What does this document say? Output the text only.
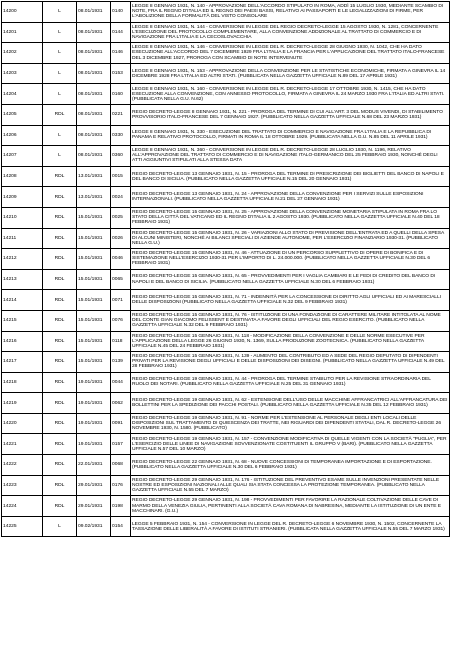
14200	L	08.01/1931	0140	LEGGE 8 GENNAIO 1931, N. 140 - APPROVAZIONE DELL'ACCORDO STIPULATO IN ROMA, ADDÌ 15 LUGLIO 1930, MEDIANTE SCAMBIO DI NOTE, FRA IL REGNO D'ITALIA ED IL REGNO DEI PAESI BASSI, RELATIVO AI PASSAPORTI E LE LEGALIZZAZIONI DI FIRME, PER L'ABOLIZIONE DELLA FORMALITÀ DEL VISTO CONSOLARE
14201	L	08.01/1931	0144	LEGGE 8 GENNAIO 1931, N. 144 - CONVERSIONE IN LEGGE DEL REGIO DECRETO-LEGGE 15 AGOSTO 1930, N. 1281, CONCERNENTE L'ESECUZIONE DEL PROTOCOLLO COMPLEMENTARE, ALLA CONVENZIONE ADDIZIONALE AL TRATTATO DI COMMERCIO E DI NAVIGAZIONE FRA L'ITALIA E LA CECOSLOVACCHIA
14202	L	08.01/1931	0146	LEGGE 8 GENNAIO 1931, N. 146 - CONVERSIONE IN LEGGE DEL R. DECRETO-LEGGE 28 GIUGNO 1930, N. 1042, CHE HA DATO ESECUZIONE ALL'ACCORDO DEL 7 DICEMBRE 1929 FRA L'ITALIA E LA FRANCIA PER L'APPLICAZIONE DEL TRATTATO ITALO-FRANCESE DEL 3 DICEMBRE 1927, PROROGA CON SCAMBIO DI NOTE INTERVENUTE
14203	L	08.01/1931	0153	LEGGE 8 GENNAIO 1931, N. 153 - APPROVAZIONE DELLA CONVENZIONE PER LE STATISTICHE ECONOMICHE, FIRMATA A GINEVRA IL 14 DICEMBRE 1928 FRA L'ITALIA ED ALTRI STATI. (PUBBLICATA NELLA GAZZETTA UFFICIALE N.89 DEL 17 APRILE 1931)
14204	L	08.01/1931	0160	LEGGE 8 GENNAIO 1931, N. 160 - CONVERSIONE IN LEGGE DEL R. DECRETO-LEGGE 17 OTTOBRE 1930, N. 1415, CHE HA DATO ESECUZIONE ALLA CONVENZIONE, CON ANNESSO PROTOCOLLO, FIRMATA A GINEVRA IL 24 MARZO 1930 FRA L'ITALIA ED ALTRI STATI. (PUBBLICATA NELLA G.U. N.62)
14205	RDL	08.01/1931	0221	REGIO DECRETO-LEGGE 8 GENNAIO 1931, N. 221 - PROROGA DEL TERMINE DI CUI ALL'ART. 3 DEL MODUS VIVENDI, DI STABILIMENTO PROVVISORIO ITALO-FRANCESE DEL 7 GENNAIO 1927. (PUBBLICATO NELLA GAZZETTA UFFICIALE N.68 DEL 23 MARZO 1931)
14206	L	08.01/1931	0330	LEGGE 8 GENNAIO 1931, N. 330 - ESECUZIONE DEL TRATTATO DI COMMERCIO E NAVIGAZIONE FRA L'ITALIA E LA REPUBBLICA DI PANAMA E RELATIVO PROTOCOLLO, FIRMATI IN ROMA IL 18 OTTOBRE 1929. (PUBBLICATA NELLA G.U. N.85 DEL 11 APRILE 1931)
14207	L	08.01/1931	0360	LEGGE 8 GENNAIO 1931, N. 360 - CONVERSIONE IN LEGGE DEL R. DECRETO-LEGGE 28 LUGLIO 1930, N. 1196, RELATIVO ALL'APPROVAZIONE DEL TRATTATO DI COMMERCIO E DI NAVIGAZIONE ITALO-GERMANICO DEL 25 FEBBRAIO 1930, NONCHÉ DEGLI ATTI AGGIUNTIVI STIPULATI ALLA STESSA DATA
14208	RDL	13.01/1931	0015	REGIO DECRETO-LEGGE 13 GENNAIO 1931, N. 15 - PROROGA DEL TERMINE DI PRESCRIZIONE DEI BIGLIETTI DEL BANCO DI NAPOLI E DEL BANCO DI SICILIA. (PUBBLICATO NELLA GAZZETTA UFFICIALE N.15 DEL 20 GENNAIO 1931)
14209	RDL	13.01/1931	0024	REGIO DECRETO-LEGGE 13 GENNAIO 1931, N. 24 - APPROVAZIONE DELLA CONVENZIONE PER I SERVIZI SULLE ESPOSIZIONI INTERNAZIONALI. (PUBBLICATO NELLA GAZZETTA UFFICIALE N.21 DEL 27 GENNAIO 1931)
14210	RDL	15.01/1931	0025	REGIO DECRETO-LEGGE 15 GENNAIO 1931, N. 25 - APPROVAZIONE DELLA CONVENZIONE MONETARIA STIPULATA IN ROMA FRA LO STATO DELLA CITTÀ DEL VATICANO ED IL REGNO D'ITALIA IL 2 AGOSTO 1930. (PUBBLICATO NELLA GAZZETTA UFFICIALE N.40 DEL 18 FEBBRAIO 1931)
14211	RDL	15.01/1931	0026	REGIO DECRETO-LEGGE 15 GENNAIO 1931, N. 26 - VARIAZIONI ALLO STATO DI PREVISIONE DELL'ENTRATA ED A QUELLI DELLA SPESA DI ALCUNI MINISTERI, NONCHÉ AI BILANCI SPECIALI DI AZIENDE AUTONOME, PER L'ESERCIZIO FINANZIARIO 1930-31. (PUBBLICATO NELLA G.U.)
14212	RDL	15.01/1931	0046	REGIO DECRETO-LEGGE 15 GENNAIO 1931, N. 46 - ATTUAZIONE DI UN PERCORSO SUPPLETTIVO DI OPERE DI BONIFICA E DI SISTEMAZIONE NELL'ESERCIZIO 1930-31 PER L'IMPORTO DI L. 24.000.000. (PUBBLICATO NELLA GAZZETTA UFFICIALE N.30 DEL 6 FEBBRAIO 1931)
14213	RDL	15.01/1931	0065	REGIO DECRETO-LEGGE 15 GENNAIO 1931, N. 65 - PROVVEDIMENTI PER I VAGLIA CAMBIARI E LE FEDI DI CREDITO DEL BANCO DI NAPOLI E DEL BANCO DI SICILIA. (PUBBLICATO NELLA GAZZETTA UFFICIALE N.30 DEL 6 FEBBRAIO 1931)
14214	RDL	15.01/1931	0071	REGIO DECRETO-LEGGE 15 GENNAIO 1931, N. 71 - INDENNITÀ PER LA CONCESSIONE DI DIRITTO AGLI UFFICIALI ED AI MARESCIALLI DELLE DISPOSIZIONI (PUBBLICATO NELLA GAZZETTA UFFICIALE N.32 DEL 9 FEBBRAIO 1931)
14215	RDL	15.01/1931	0076	REGIO DECRETO-LEGGE 15 GENNAIO 1931, N. 76 - ISTITUZIONE DI UNA FONDAZIONE DI CARATTERE MILITARE INTITOLATA AL NOME DEL CONTE GIAN GIACOMO FELISSENT E DESTINATA A FAVORE DEGLI UFFICIALI DEL REGIO ESERCITO. (PUBBLICATO NELLA GAZZETTA UFFICIALE N.32 DEL 9 FEBBRAIO 1931)
14216	RDL	15.01/1931	0118	REGIO DECRETO-LEGGE 15 GENNAIO 1931, N. 118 - MODIFICAZIONE DELLA CONVENZIONE E DELLE NORME ESECUTIVE PER L'APPLICAZIONE DELLA LEGGE 26 GIUGNO 1930, N. 1369, SULLA PRODUZIONE ZOOTECNICA. (PUBBLICATO NELLA GAZZETTA UFFICIALE N.45 DEL 24 FEBBRAIO 1931)
14217	RDL	15.01/1931	0139	REGIO DECRETO-LEGGE 15 GENNAIO 1931, N. 139 - AUMENTO DEL CONTRIBUTO ED A SEDE DEL REGIO DEPUTATO DI DIPENDENTI PRIVATI PER LA REVISIONE DEGLI UFFICIALI E DELLE DISPOSIZIONI DEI DISEGNI. (PUBBLICATO NELLA GAZZETTA UFFICIALE N.49 DEL 28 FEBBRAIO 1931)
14218	RDL	19.01/1931	0044	REGIO DECRETO-LEGGE 19 GENNAIO 1931, N. 44 - PROROGA DEL TERMINE STABILITO PER LA REVISIONE STRAORDINARIA DEL RUOLO DEI NOTARI. (PUBBLICATO NELLA GAZZETTA UFFICIALE N.25 DEL 31 GENNAIO 1931)
14219	RDL	19.01/1931	0062	REGIO DECRETO-LEGGE 19 GENNAIO 1931, N. 62 - ESTENSIONE DELL'USO DELLE MACCHINE AFFRANCATRICI ALL'AFFRANCATURA DEI BOLLETTINI PER LA SPEDIZIONE DEI PACCHI POSTALI. (PUBBLICATO NELLA GAZZETTA UFFICIALE N.35 DEL 12 FEBBRAIO 1931)
14220	RDL	19.01/1931	0091	REGIO DECRETO-LEGGE 19 GENNAIO 1931, N. 91 - NORME PER L'ESTENSIONE AL PERSONALE DEGLI ENTI LOCALI DELLE DISPOSIZIONI SUL TRATTAMENTO DI QUIESCENZA DEI TRATTE, NEI RIGUARDI DEI DIPENDENTI STATALI, DAL R. DECRETO-LEGGE 26 NOVEMBRE 1930, N. 1580. (PUBBLICATO)
14221	RDL	19.01/1931	0157	REGIO DECRETO-LEGGE 19 GENNAIO 1931, N. 157 - CONVENZIONE MODIFICATIVA DI QUELLE VIGENTI CON LA SOCIETÀ "PUGLIA", PER L'ESERCIZIO DELLE LINEE DI NAVIGAZIONE SOVVENZIONATE COSTITUENTI IL GRUPPO V (BARI). (PUBBLICATO NELLA GAZZETTA UFFICIALE N.57 DEL 10 MARZO)
14222	RDL	22.01/1931	0068	REGIO DECRETO-LEGGE 22 GENNAIO 1931, N. 68 - NUOVE CONCESSIONI DI TEMPORANEA IMPORTAZIONE E DI ESPORTAZIONE. (PUBBLICATO NELLA GAZZETTA UFFICIALE N.30 DEL 6 FEBBRAIO 1931)
14223	RDL	29.01/1931	0176	REGIO DECRETO-LEGGE 29 GENNAIO 1931, N. 176 - ISTITUZIONE DEL PREVENTIVO ESAME SULLE INVENZIONI PRESENTATE NELLE NOSTRE ED ESPOSIZIONI NAZIONALI ALLE QUALI SIA STATA CONCESSA LA PROTEZIONE TEMPORANEA. (PUBBLICATO NELLA GAZZETTA UFFICIALE N.55 DEL 7 MARZO)
14224	RDL	29.01/1931	0198	REGIO DECRETO-LEGGE 29 GENNAIO 1931, N. 198 - PROVVEDIMENTI PER FAVORIRE LA RAZIONALE COLTIVAZIONE DELLE CAVE DI MARMO DELLA VENEZIA GIULIA, PERTINENTI ALLA SOCIETÀ CAVA ROMANA DI NABRESINA, MEDIANTE LA ISTITUZIONE DI UN ENTE E MACCHINARI. (G.U.)
14225	L	09.02/1931	0154	LEGGE 5 FEBBRAIO 1931, N. 154 - CONVERSIONE IN LEGGE DEL R. DECRETO-LEGGE 6 NOVEMBRE 1930, N. 1502, CONCERNENTE LA TASSAZIONE DELLE LIBERALITÀ A FAVORE DI ISTITUTI STRANIERI. (PUBBLICATA NELLA GAZZETTA UFFICIALE N.55 DEL 7 MARZO 1931)
